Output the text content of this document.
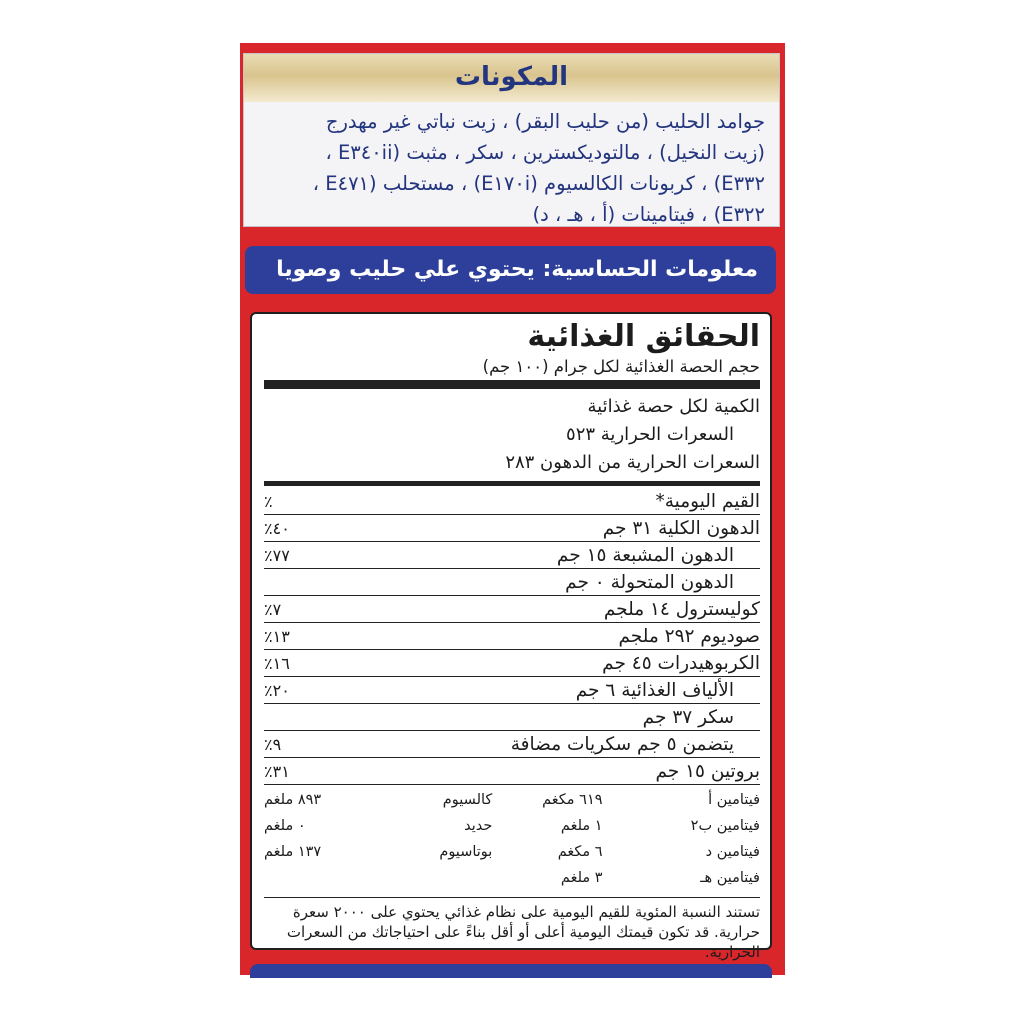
المكونات
جوامد الحليب (من حليب البقر) ، زيت نباتي غير مهدرج
(زيت النخيل) ، مالتوديكسترين ، سكر ، مثبت (E٣٤٠ii ،
E٣٣٢) ، كربونات الكالسيوم (E١٧٠i) ، مستحلب (E٤٧١ ،
E٣٢٢) ، فيتامينات (أ ، هـ ، د)
معلومات الحساسية: يحتوي علي حليب وصويا
الحقائق الغذائية
حجم الحصة الغذائية لكل جرام (١٠٠ جم)
الكمية لكل حصة غذائية
السعرات الحرارية ٥٢٣
السعرات الحرارية من الدهون ٢٨٣
القيم اليومية*
٪
الدهون الكلية ٣١ جم
٪٤٠
الدهون المشبعة ١٥ جم
٪٧٧
الدهون المتحولة ٠ جم
كوليسترول ١٤ ملجم
٪٧
صوديوم ٢٩٢ ملجم
٪١٣
الكربوهيدرات ٤٥ جم
٪١٦
الألياف الغذائية ٦ جم
٪٢٠
سكر ٣٧ جم
يتضمن ٥ جم سكريات مضافة
٪٩
بروتين ١٥ جم
٪٣١
فيتامين أ
٦١٩ مكغم
كالسيوم
٨٩٣ ملغم
فيتامين ب٢
١ ملغم
حديد
٠ ملغم
فيتامين د
٦ مكغم
بوتاسيوم
١٣٧ ملغم
فيتامين هـ
٣ ملغم
تستند النسبة المئوية للقيم اليومية على نظام غذائي يحتوي على ٢٠٠٠ سعرة حرارية. قد تكون قيمتك اليومية أعلى أو أقل بناءً على احتياجاتك من السعرات الحرارية.
